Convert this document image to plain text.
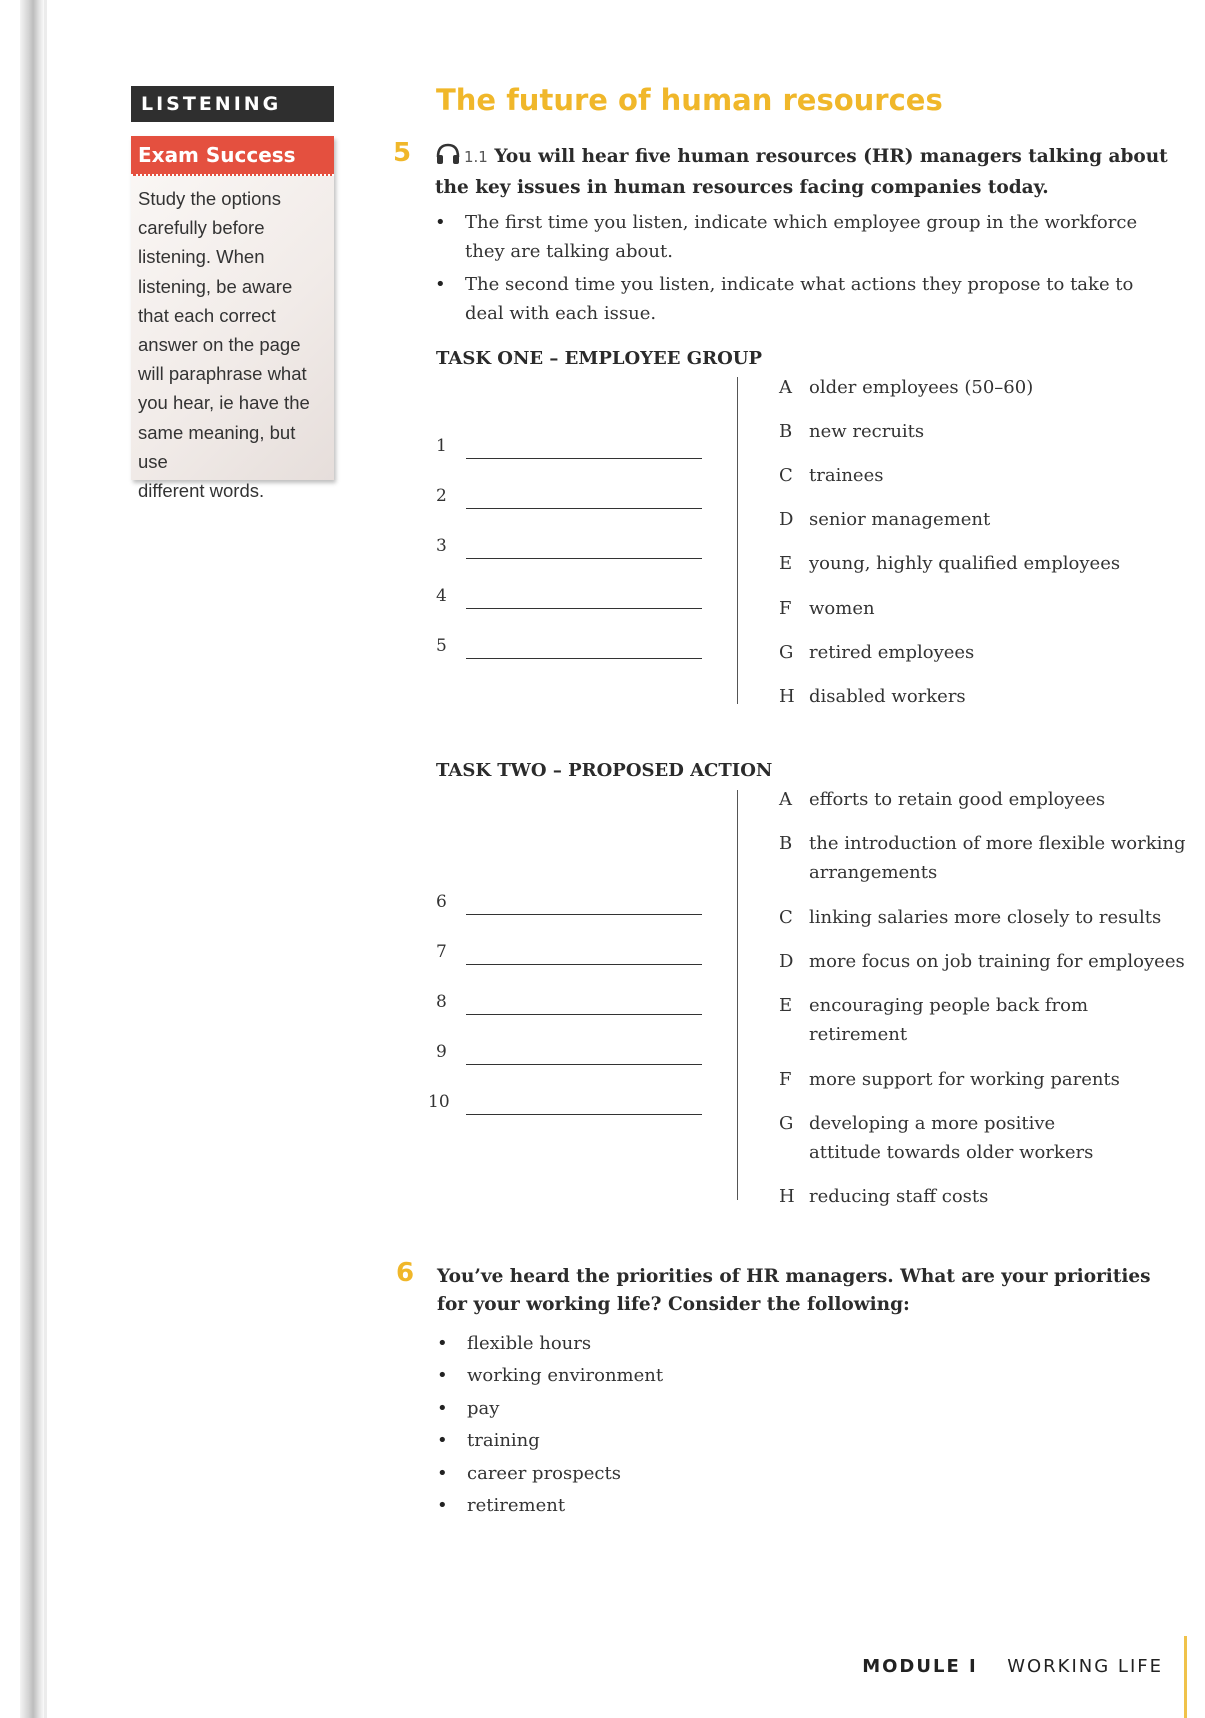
LISTENING
Exam Success
Study the options
carefully before
listening. When
listening, be aware
that each correct
answer on the page
will paraphrase what
you hear, ie have the
same meaning, but use
different words.
The future of human resources
5	1.1 You will hear five human resources (HR) managers talking about the key issues in human resources facing companies today.
• The first time you listen, indicate which employee group in the workforce they are talking about.
• The second time you listen, indicate what actions they propose to take to deal with each issue.
TASK ONE – EMPLOYEE GROUP
1
2
3
4
5
A older employees (50–60)
B new recruits
C trainees
D senior management
E young, highly qualified employees
F women
G retired employees
H disabled workers
TASK TWO – PROPOSED ACTION
6
7
8
9
10
A efforts to retain good employees
B the introduction of more flexible working arrangements
C linking salaries more closely to results
D more focus on job training for employees
E encouraging people back from retirement
F more support for working parents
G developing a more positive attitude towards older workers
H reducing staff costs
6 You’ve heard the priorities of HR managers. What are your priorities for your working life? Consider the following:
• flexible hours
• working environment
• pay
• training
• career prospects
• retirement
MODULE I WORKING LIFE
